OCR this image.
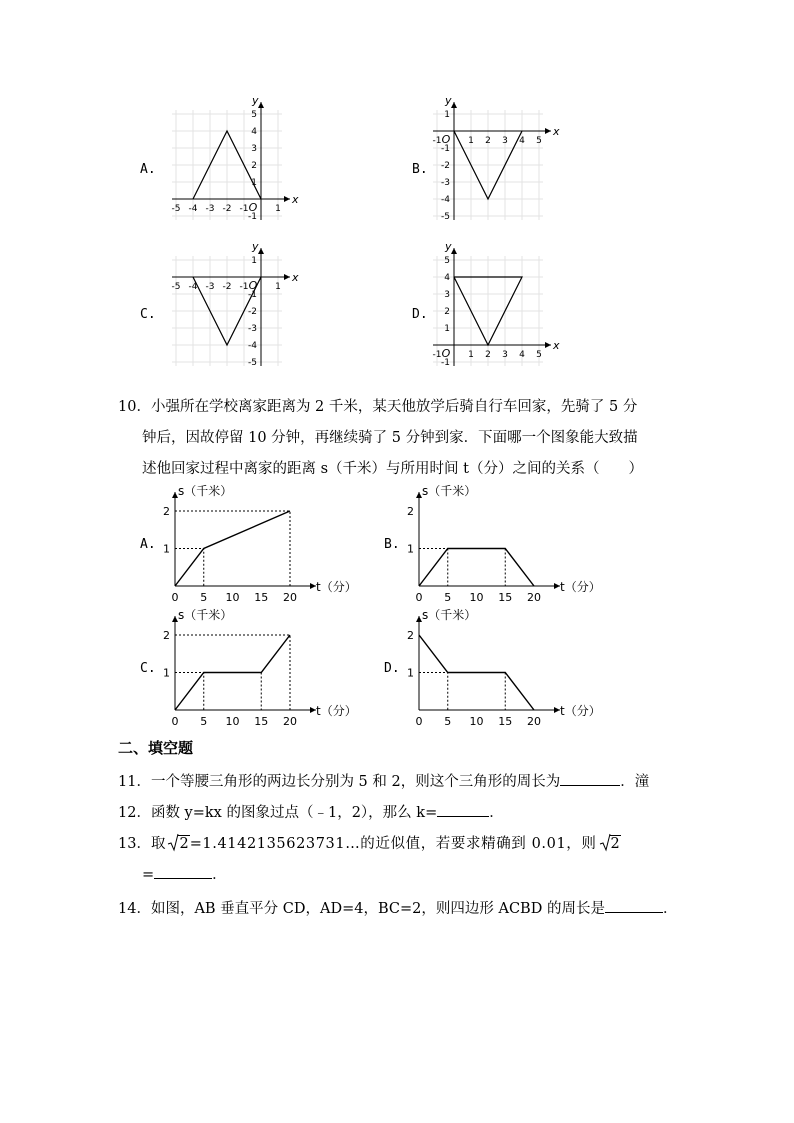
A.
x
y
-5 -4 -3 -2 -1 O 1
5
4
3
2
1
-1
B.
x
y
-1 O 1 2 3 4 5
1
-1
-2
-3
-4
-5
C.
x
y
-5 -4 -3 -2 -1 O 1
1
-1
-2
-3
-4
-5
D.
x
y
-1 O 1 2 3 4 5
5
4
3
2
1
-1
10．小强所在学校离家距离为 2 千米，某天他放学后骑自行车回家，先骑了 5 分
钟后，因故停留 10 分钟，再继续骑了 5 分钟到家．下面哪一个图象能大致描
述他回家过程中离家的距离 s（千米）与所用时间 t（分）之间的关系（　　）
A.
s（千米）
t（分）
0 5 10 15 20
1
2
B.
s（千米）
t（分）
0 5 10 15 20
1
2
C.
s（千米）
t（分）
0 5 10 15 20
1
2
D.
s（千米）
t（分）
0 5 10 15 20
1
2
二、填空题
11．一个等腰三角形的两边长分别为 5 和 2，则这个三角形的周长为	．潼
12．函数 y=kx 的图象过点（﹣1，2），那么 k=	．
13．取 2=1.4142135623731…的近似值，若要求精确到 0.01，则 2
=	．
14．如图，AB 垂直平分 CD，AD=4，BC=2，则四边形 ACBD 的周长是	．
